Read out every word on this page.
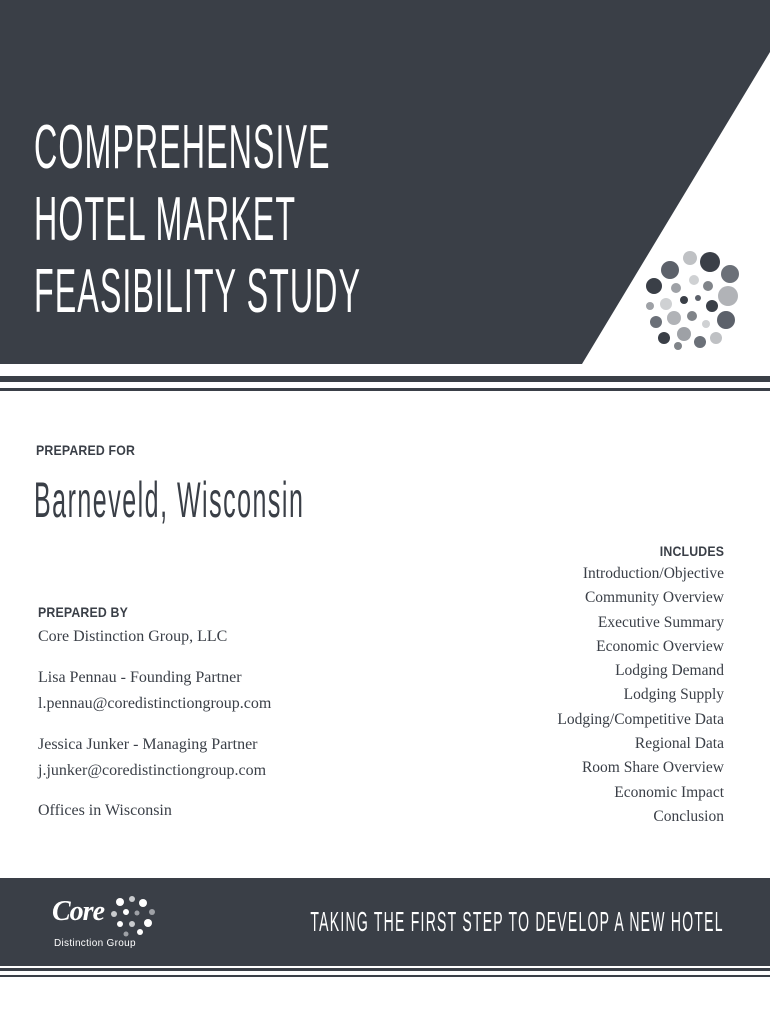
COMPREHENSIVE
HOTEL MARKET
FEASIBILITY STUDY

PREPARED FOR

Barneveld, Wisconsin

PREPARED BY

Core Distinction Group, LLC

Lisa Pennau - Founding Partner

l.pennau@coredistinctiongroup.com

Jessica Junker - Managing Partner

j.junker@coredistinctiongroup.com

Offices in Wisconsin

INCLUDES

Introduction/Objective
Community Overview
Executive Summary
Economic Overview
Lodging Demand
Lodging Supply
Lodging/Competitive Data
Regional Data
Room Share Overview
Economic Impact
Conclusion

Core

Distinction Group

TAKING THE FIRST STEP TO DEVELOP A NEW HOTEL
